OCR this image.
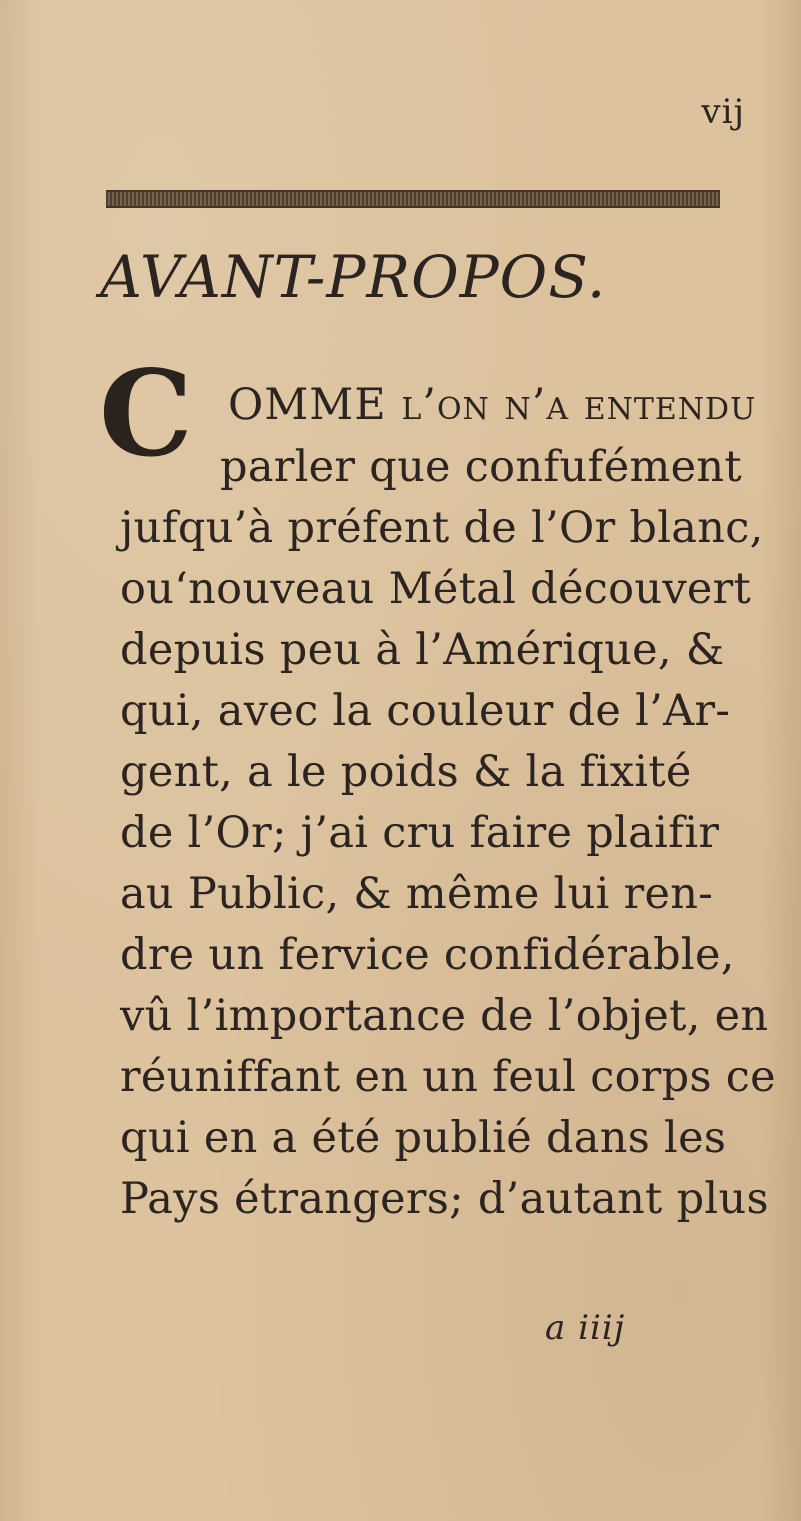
vij
AVANT-PROPOS.
C OMME l’on n’a entendu
parler que confufément
jufqu’à préfent de l’Or blanc,
ou‘nouveau Métal découvert
depuis peu à l’Amérique, &
qui, avec la couleur de l’Ar-
gent, a le poids & la fixité
de l’Or; j’ai cru faire plaifir
au Public, & même lui ren-
dre un fervice confidérable,
vû l’importance de l’objet, en
réuniffant en un feul corps ce
qui en a été publié dans les
Pays étrangers; d’autant plus
a iiij
